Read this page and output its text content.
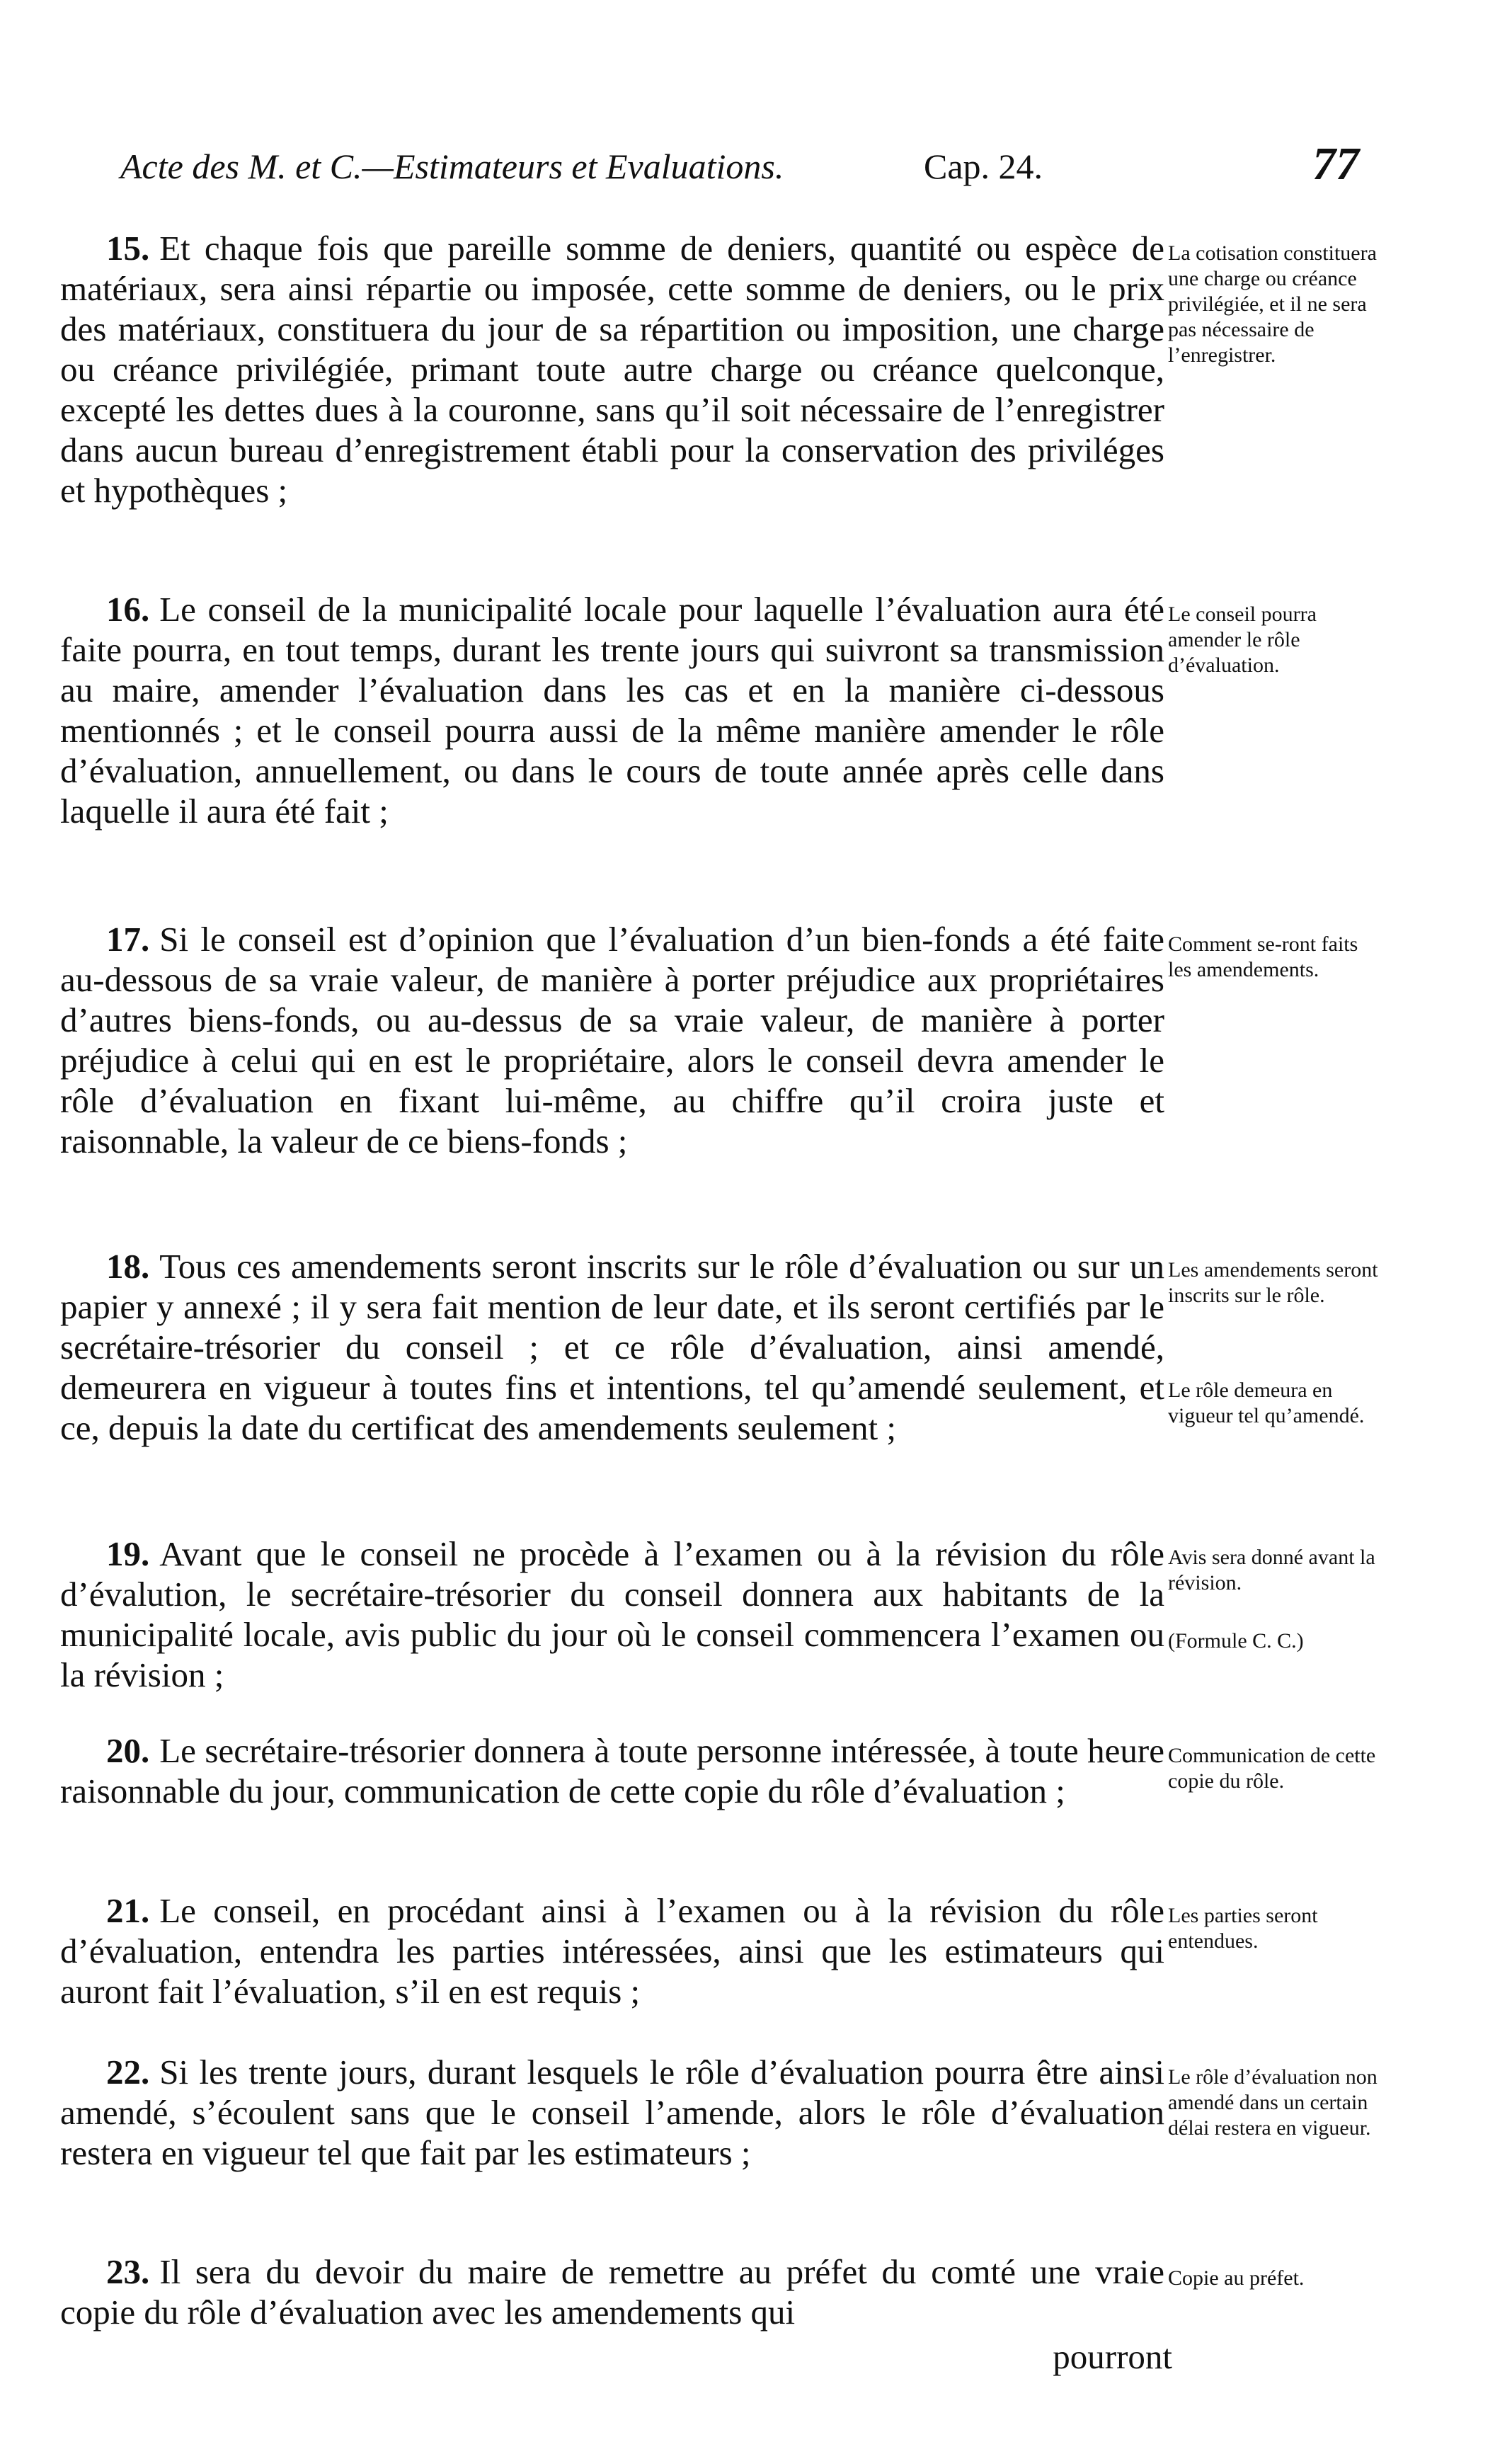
Acte des M. et C.—Estimateurs et Evaluations.	Cap. 24.	77
15. Et chaque fois que pareille somme de deniers, quantité ou espèce de matériaux, sera ainsi répartie ou imposée, cette somme de deniers, ou le prix des matériaux, constituera du jour de sa répartition ou imposition, une charge ou créance privilégiée, primant toute autre charge ou créance quelconque, excepté les dettes dues à la couronne, sans qu’il soit nécessaire de l’enregistrer dans aucun bureau d’enregistrement établi pour la conservation des priviléges et hypothèques ;
La cotisation constituera une charge ou créance privilégiée, et il ne sera pas nécessaire de l’enregistrer.
16. Le conseil de la municipalité locale pour laquelle l’évaluation aura été faite pourra, en tout temps, durant les trente jours qui suivront sa transmission au maire, amender l’évaluation dans les cas et en la manière ci-dessous mentionnés ; et le conseil pourra aussi de la même manière amender le rôle d’évaluation, annuellement, ou dans le cours de toute année après celle dans laquelle il aura été fait ;
Le conseil pourra amender le rôle d’évaluation.
17. Si le conseil est d’opinion que l’évaluation d’un bien-fonds a été faite au-dessous de sa vraie valeur, de manière à porter préjudice aux propriétaires d’autres biens-fonds, ou au-dessus de sa vraie valeur, de manière à porter préjudice à celui qui en est le propriétaire, alors le conseil devra amender le rôle d’évaluation en fixant lui-même, au chiffre qu’il croira juste et raisonnable, la valeur de ce biens-fonds ;
Comment se-ront faits les amendements.
18. Tous ces amendements seront inscrits sur le rôle d’évaluation ou sur un papier y annexé ; il y sera fait mention de leur date, et ils seront certifiés par le secrétaire-trésorier du conseil ; et ce rôle d’évaluation, ainsi amendé, demeurera en vigueur à toutes fins et intentions, tel qu’amendé seulement, et ce, depuis la date du certificat des amendements seulement ;
Les amendements seront inscrits sur le rôle.
Le rôle demeura en vigueur tel qu’amendé.
19. Avant que le conseil ne procède à l’examen ou à la révision du rôle d’évalution, le secrétaire-trésorier du conseil donnera aux habitants de la municipalité locale, avis public du jour où le conseil commencera l’examen ou la révision ;
Avis sera donné avant la révision.
(Formule C. C.)
20. Le secrétaire-trésorier donnera à toute personne intéressée, à toute heure raisonnable du jour, communication de cette copie du rôle d’évaluation ;
Communication de cette copie du rôle.
21. Le conseil, en procédant ainsi à l’examen ou à la révision du rôle d’évaluation, entendra les parties intéressées, ainsi que les estimateurs qui auront fait l’évaluation, s’il en est requis ;
Les parties seront entendues.
22. Si les trente jours, durant lesquels le rôle d’évaluation pourra être ainsi amendé, s’écoulent sans que le conseil l’amende, alors le rôle d’évaluation restera en vigueur tel que fait par les estimateurs ;
Le rôle d’évaluation non amendé dans un certain délai restera en vigueur.
23. Il sera du devoir du maire de remettre au préfet du comté une vraie copie du rôle d’évaluation avec les amendements qui
Copie au préfet.
pourront
